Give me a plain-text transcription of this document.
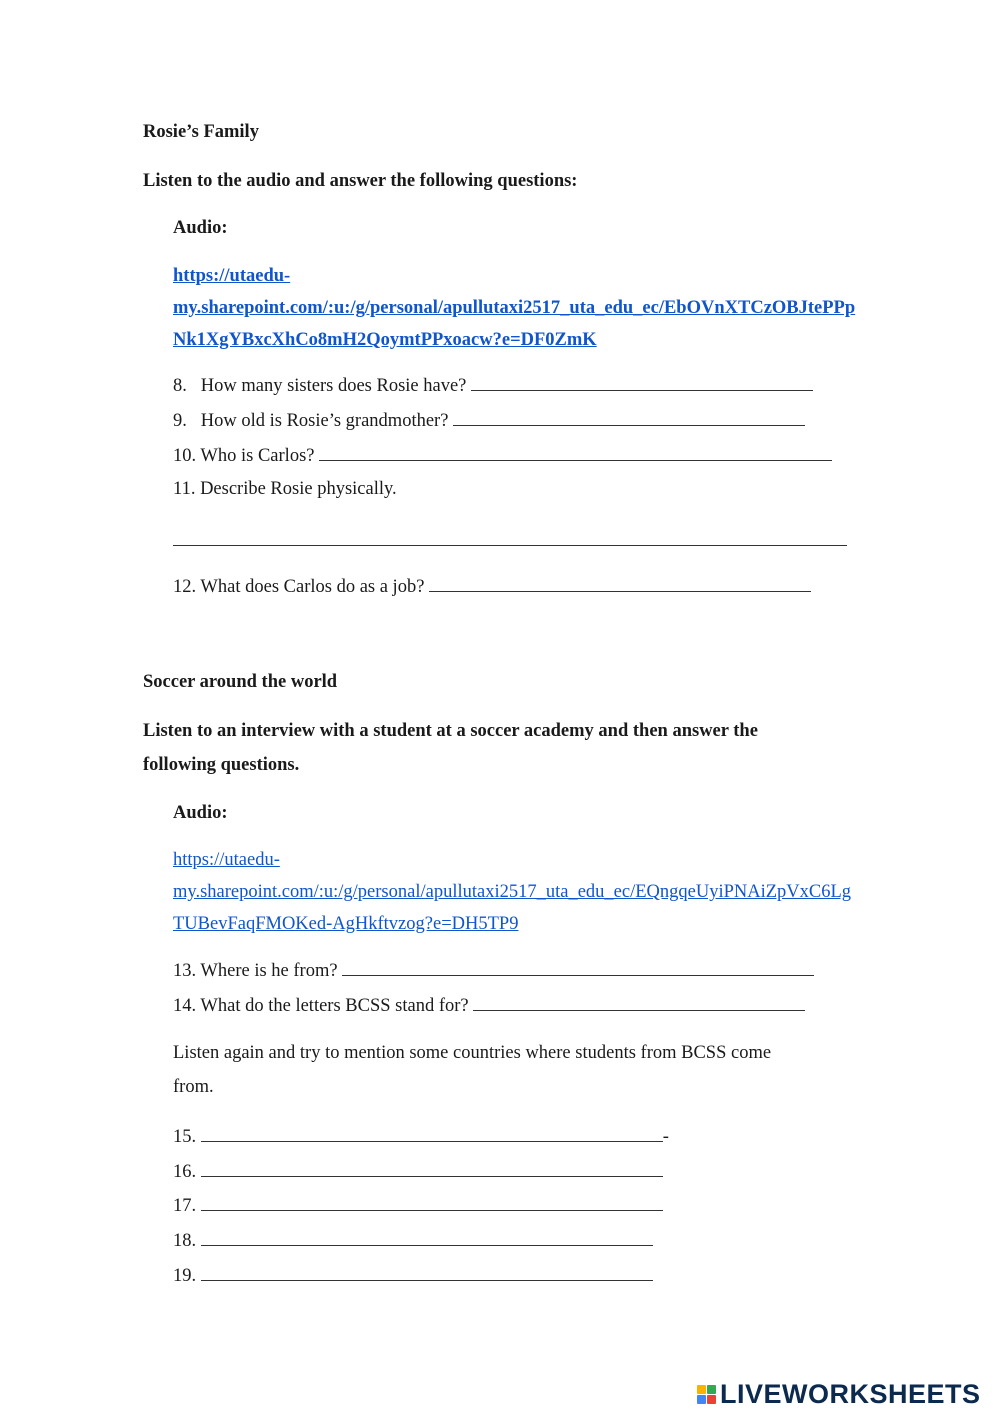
Rosie’s Family
Listen to the audio and answer the following questions:
Audio:
https://utaedu-
my.sharepoint.com/:u:/g/personal/apullutaxi2517_uta_edu_ec/EbOVnXTCzOBJtePPp
Nk1XgYBxcXhCo8mH2QoymtPPxoacw?e=DF0ZmK
8.   How many sisters does Rosie have?
9.   How old is Rosie’s grandmother?
10. Who is Carlos?
11. Describe Rosie physically.
12. What does Carlos do as a job?
Soccer around the world
Listen to an interview with a student at a soccer academy and then answer the
following questions.
Audio:
https://utaedu-
my.sharepoint.com/:u:/g/personal/apullutaxi2517_uta_edu_ec/EQngqeUyiPNAiZpVxC6Lg
TUBevFaqFMOKed-AgHkftvzog?e=DH5TP9
13. Where is he from?
14. What do the letters BCSS stand for?
Listen again and try to mention some countries where students from BCSS come
from.
15.	-
16.
17.
18.
19.
LIVEWORKSHEETS
